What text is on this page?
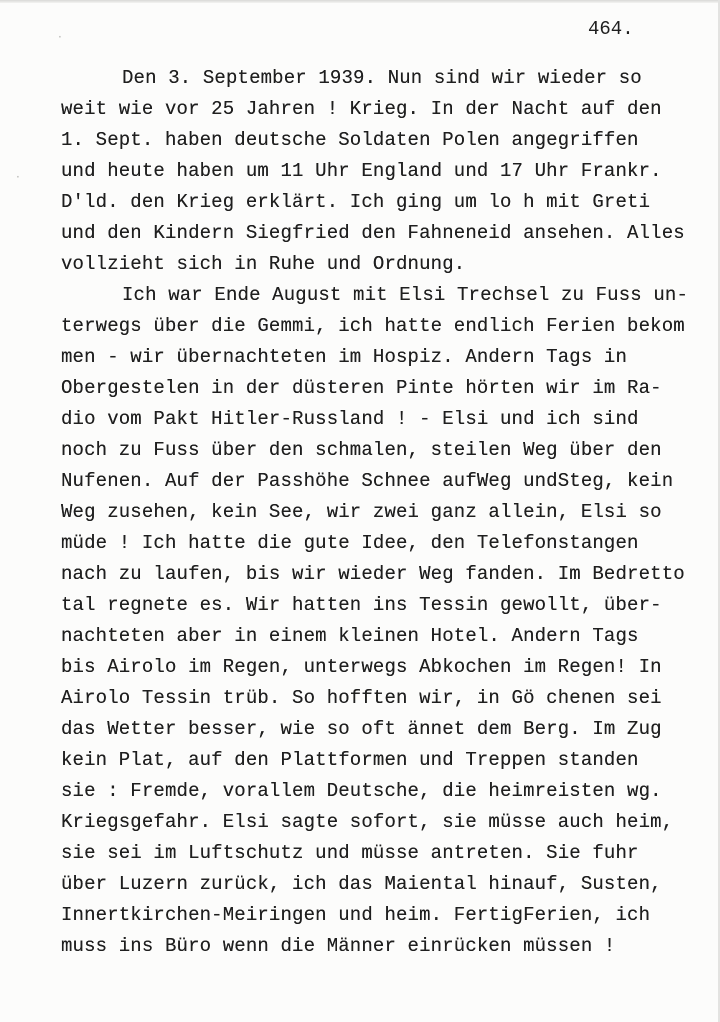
·
·
464.
Den 3. September 1939. Nun sind wir wieder so
weit wie vor 25 Jahren ! Krieg. In der Nacht auf den
1. Sept. haben deutsche Soldaten Polen angegriffen
und heute haben um 11 Uhr England und 17 Uhr Frankr.
D'ld. den Krieg erklärt. Ich ging um lo h mit Greti
und den Kindern Siegfried den Fahneneid ansehen. Alles
vollzieht sich in Ruhe und Ordnung.
Ich war Ende August mit Elsi Trechsel zu Fuss un-
terwegs über die Gemmi, ich hatte endlich Ferien bekom
men - wir übernachteten im Hospiz. Andern Tags in
Obergestelen in der düsteren Pinte hörten wir im Ra-
dio vom Pakt Hitler-Russland ! - Elsi und ich sind
noch zu Fuss über den schmalen, steilen Weg über den
Nufenen. Auf der Passhöhe Schnee aufWeg undSteg, kein
Weg zusehen, kein See, wir zwei ganz allein, Elsi so
müde ! Ich hatte die gute Idee, den Telefonstangen
nach zu laufen, bis wir wieder Weg fanden. Im Bedretto
tal regnete es. Wir hatten ins Tessin gewollt, über-
nachteten aber in einem kleinen Hotel. Andern Tags
bis Airolo im Regen, unterwegs Abkochen im Regen! In
Airolo Tessin trüb. So hofften wir, in Gö chenen sei
das Wetter besser, wie so oft ännet dem Berg. Im Zug
kein Plat, auf den Plattformen und Treppen standen
sie : Fremde, vorallem Deutsche, die heimreisten wg.
Kriegsgefahr. Elsi sagte sofort, sie müsse auch heim,
sie sei im Luftschutz und müsse antreten. Sie fuhr
über Luzern zurück, ich das Maiental hinauf, Susten,
Innertkirchen-Meiringen und heim. FertigFerien, ich
muss ins Büro wenn die Männer einrücken müssen !
